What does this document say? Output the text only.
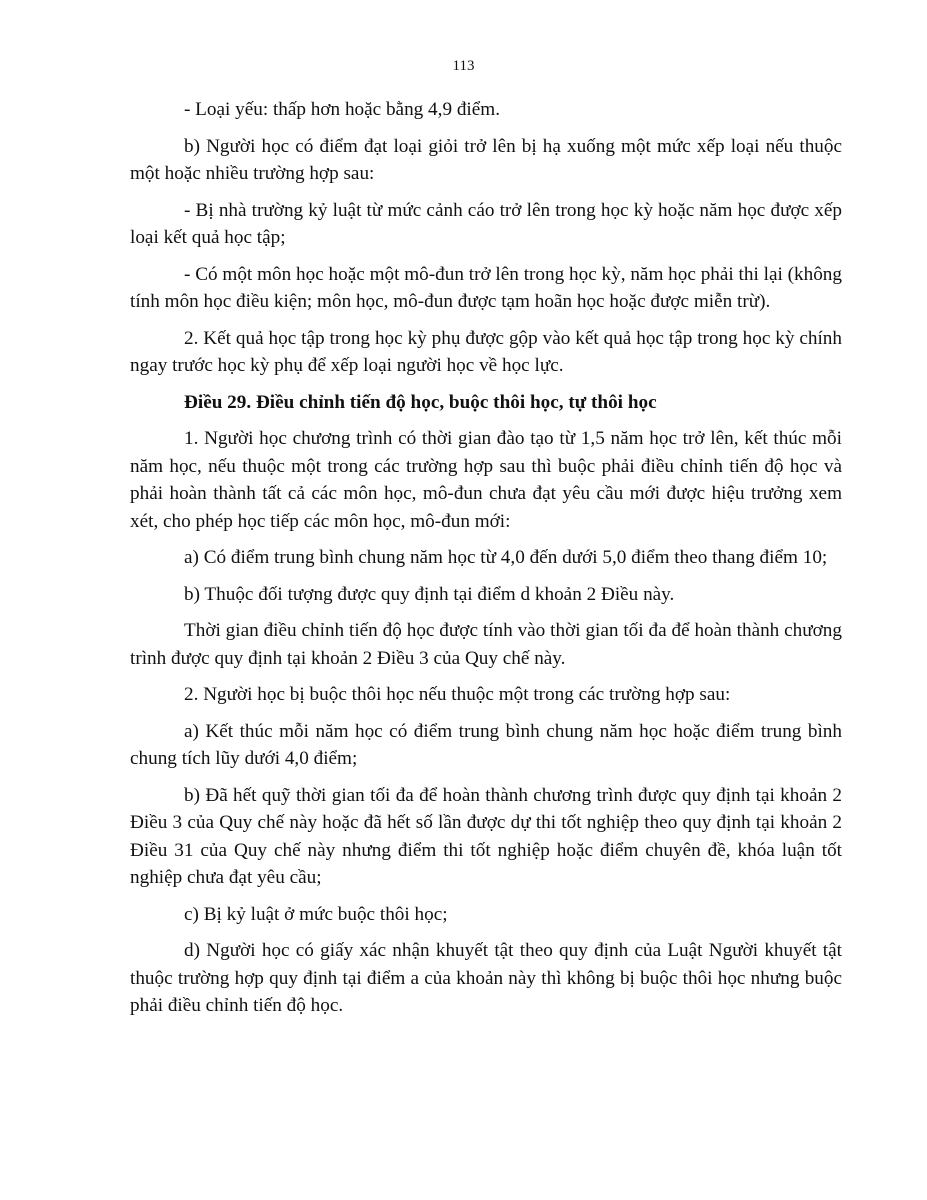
113

- Loại yếu: thấp hơn hoặc bằng 4,9 điểm.

b) Người học có điểm đạt loại giỏi trở lên bị hạ xuống một mức xếp loại nếu thuộc một hoặc nhiều trường hợp sau:

- Bị nhà trường kỷ luật từ mức cảnh cáo trở lên trong học kỳ hoặc năm học được xếp loại kết quả học tập;

- Có một môn học hoặc một mô-đun trở lên trong học kỳ, năm học phải thi lại (không tính môn học điều kiện; môn học, mô-đun được tạm hoãn học hoặc được miễn trừ).

2. Kết quả học tập trong học kỳ phụ được gộp vào kết quả học tập trong học kỳ chính ngay trước học kỳ phụ để xếp loại người học về học lực.

Điều 29. Điều chỉnh tiến độ học, buộc thôi học, tự thôi học

1. Người học chương trình có thời gian đào tạo từ 1,5 năm học trở lên, kết thúc mỗi năm học, nếu thuộc một trong các trường hợp sau thì buộc phải điều chỉnh tiến độ học và phải hoàn thành tất cả các môn học, mô-đun chưa đạt yêu cầu mới được hiệu trưởng xem xét, cho phép học tiếp các môn học, mô-đun mới:

a) Có điểm trung bình chung năm học từ 4,0 đến dưới 5,0 điểm theo thang điểm 10;

b) Thuộc đối tượng được quy định tại điểm d khoản 2 Điều này.

Thời gian điều chỉnh tiến độ học được tính vào thời gian tối đa để hoàn thành chương trình được quy định tại khoản 2 Điều 3 của Quy chế này.

2. Người học bị buộc thôi học nếu thuộc một trong các trường hợp sau:

a) Kết thúc mỗi năm học có điểm trung bình chung năm học hoặc điểm trung bình chung tích lũy dưới 4,0 điểm;

b) Đã hết quỹ thời gian tối đa để hoàn thành chương trình được quy định tại khoản 2 Điều 3 của Quy chế này hoặc đã hết số lần được dự thi tốt nghiệp theo quy định tại khoản 2 Điều 31 của Quy chế này nhưng điểm thi tốt nghiệp hoặc điểm chuyên đề, khóa luận tốt nghiệp chưa đạt yêu cầu;

c) Bị kỷ luật ở mức buộc thôi học;

d) Người học có giấy xác nhận khuyết tật theo quy định của Luật Người khuyết tật thuộc trường hợp quy định tại điểm a của khoản này thì không bị buộc thôi học nhưng buộc phải điều chỉnh tiến độ học.
